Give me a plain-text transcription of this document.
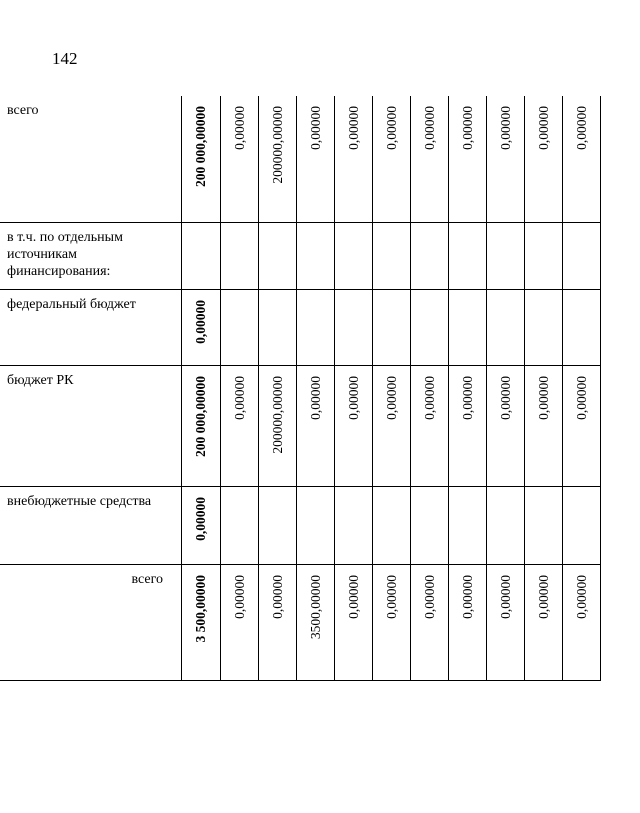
142
всего	200 000,00000	0,00000	200000,00000	0,00000	0,00000	0,00000	0,00000	0,00000	0,00000	0,00000	0,00000

в т.ч. по отдельным источникам финансирования:	

федеральный бюджет	0,00000										

бюджет РК	200 000,00000	0,00000	200000,00000	0,00000	0,00000	0,00000	0,00000	0,00000	0,00000	0,00000	0,00000

внебюджетные средства	0,00000										

всего	3 500,00000	0,00000	0,00000	3500,00000	0,00000	0,00000	0,00000	0,00000	0,00000	0,00000	0,00000
